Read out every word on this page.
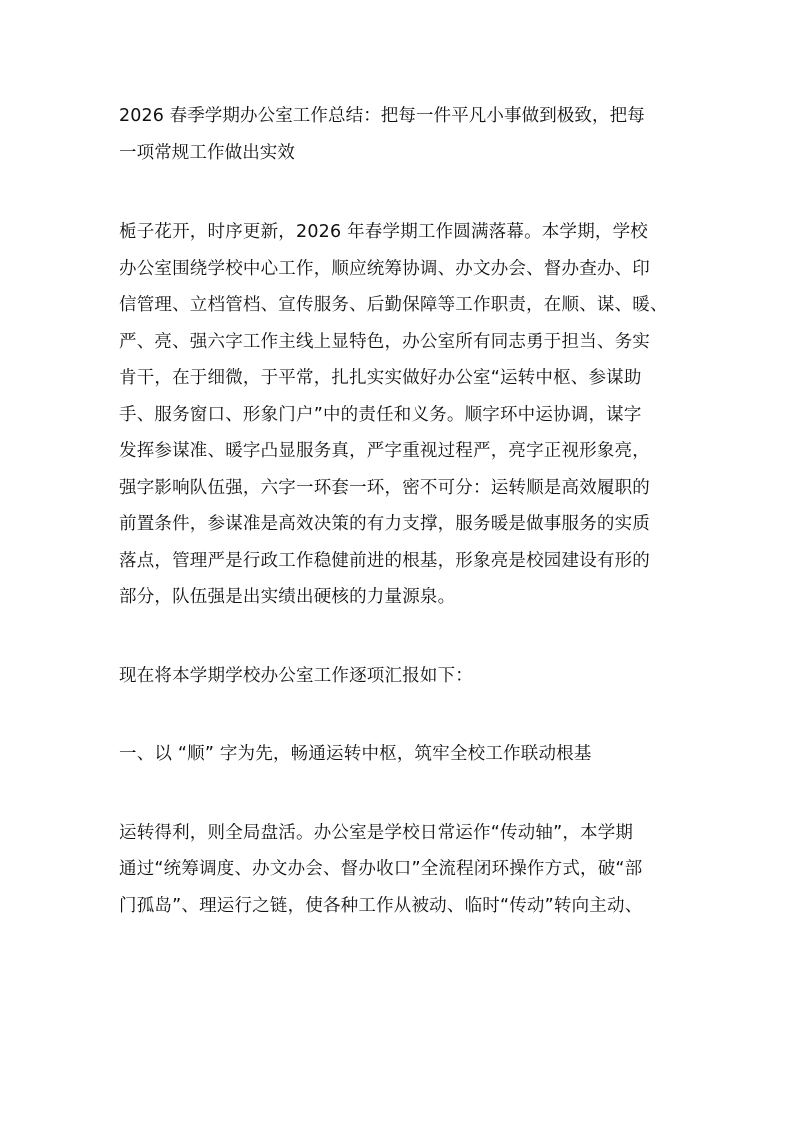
2026 春季学期办公室工作总结：把每一件平凡小事做到极致，把每
一项常规工作做出实效
栀子花开，时序更新，2026 年春学期工作圆满落幕。本学期，学校
办公室围绕学校中心工作，顺应统筹协调、办文办会、督办查办、印
信管理、立档管档、宣传服务、后勤保障等工作职责，在顺、谋、暖、
严、亮、强六字工作主线上显特色，办公室所有同志勇于担当、务实
肯干，在于细微，于平常，扎扎实实做好办公室“运转中枢、参谋助
手、服务窗口、形象门户”中的责任和义务。顺字环中运协调，谋字
发挥参谋准、暖字凸显服务真，严字重视过程严，亮字正视形象亮，
强字影响队伍强，六字一环套一环，密不可分：运转顺是高效履职的
前置条件，参谋准是高效决策的有力支撑，服务暖是做事服务的实质
落点，管理严是行政工作稳健前进的根基，形象亮是校园建设有形的
部分，队伍强是出实绩出硬核的力量源泉。
现在将本学期学校办公室工作逐项汇报如下：
一、以 “顺” 字为先，畅通运转中枢，筑牢全校工作联动根基
运转得利，则全局盘活。办公室是学校日常运作“传动轴”，本学期
通过“统筹调度、办文办会、督办收口”全流程闭环操作方式，破“部
门孤岛”、理运行之链，使各种工作从被动、临时“传动”转向主动、
